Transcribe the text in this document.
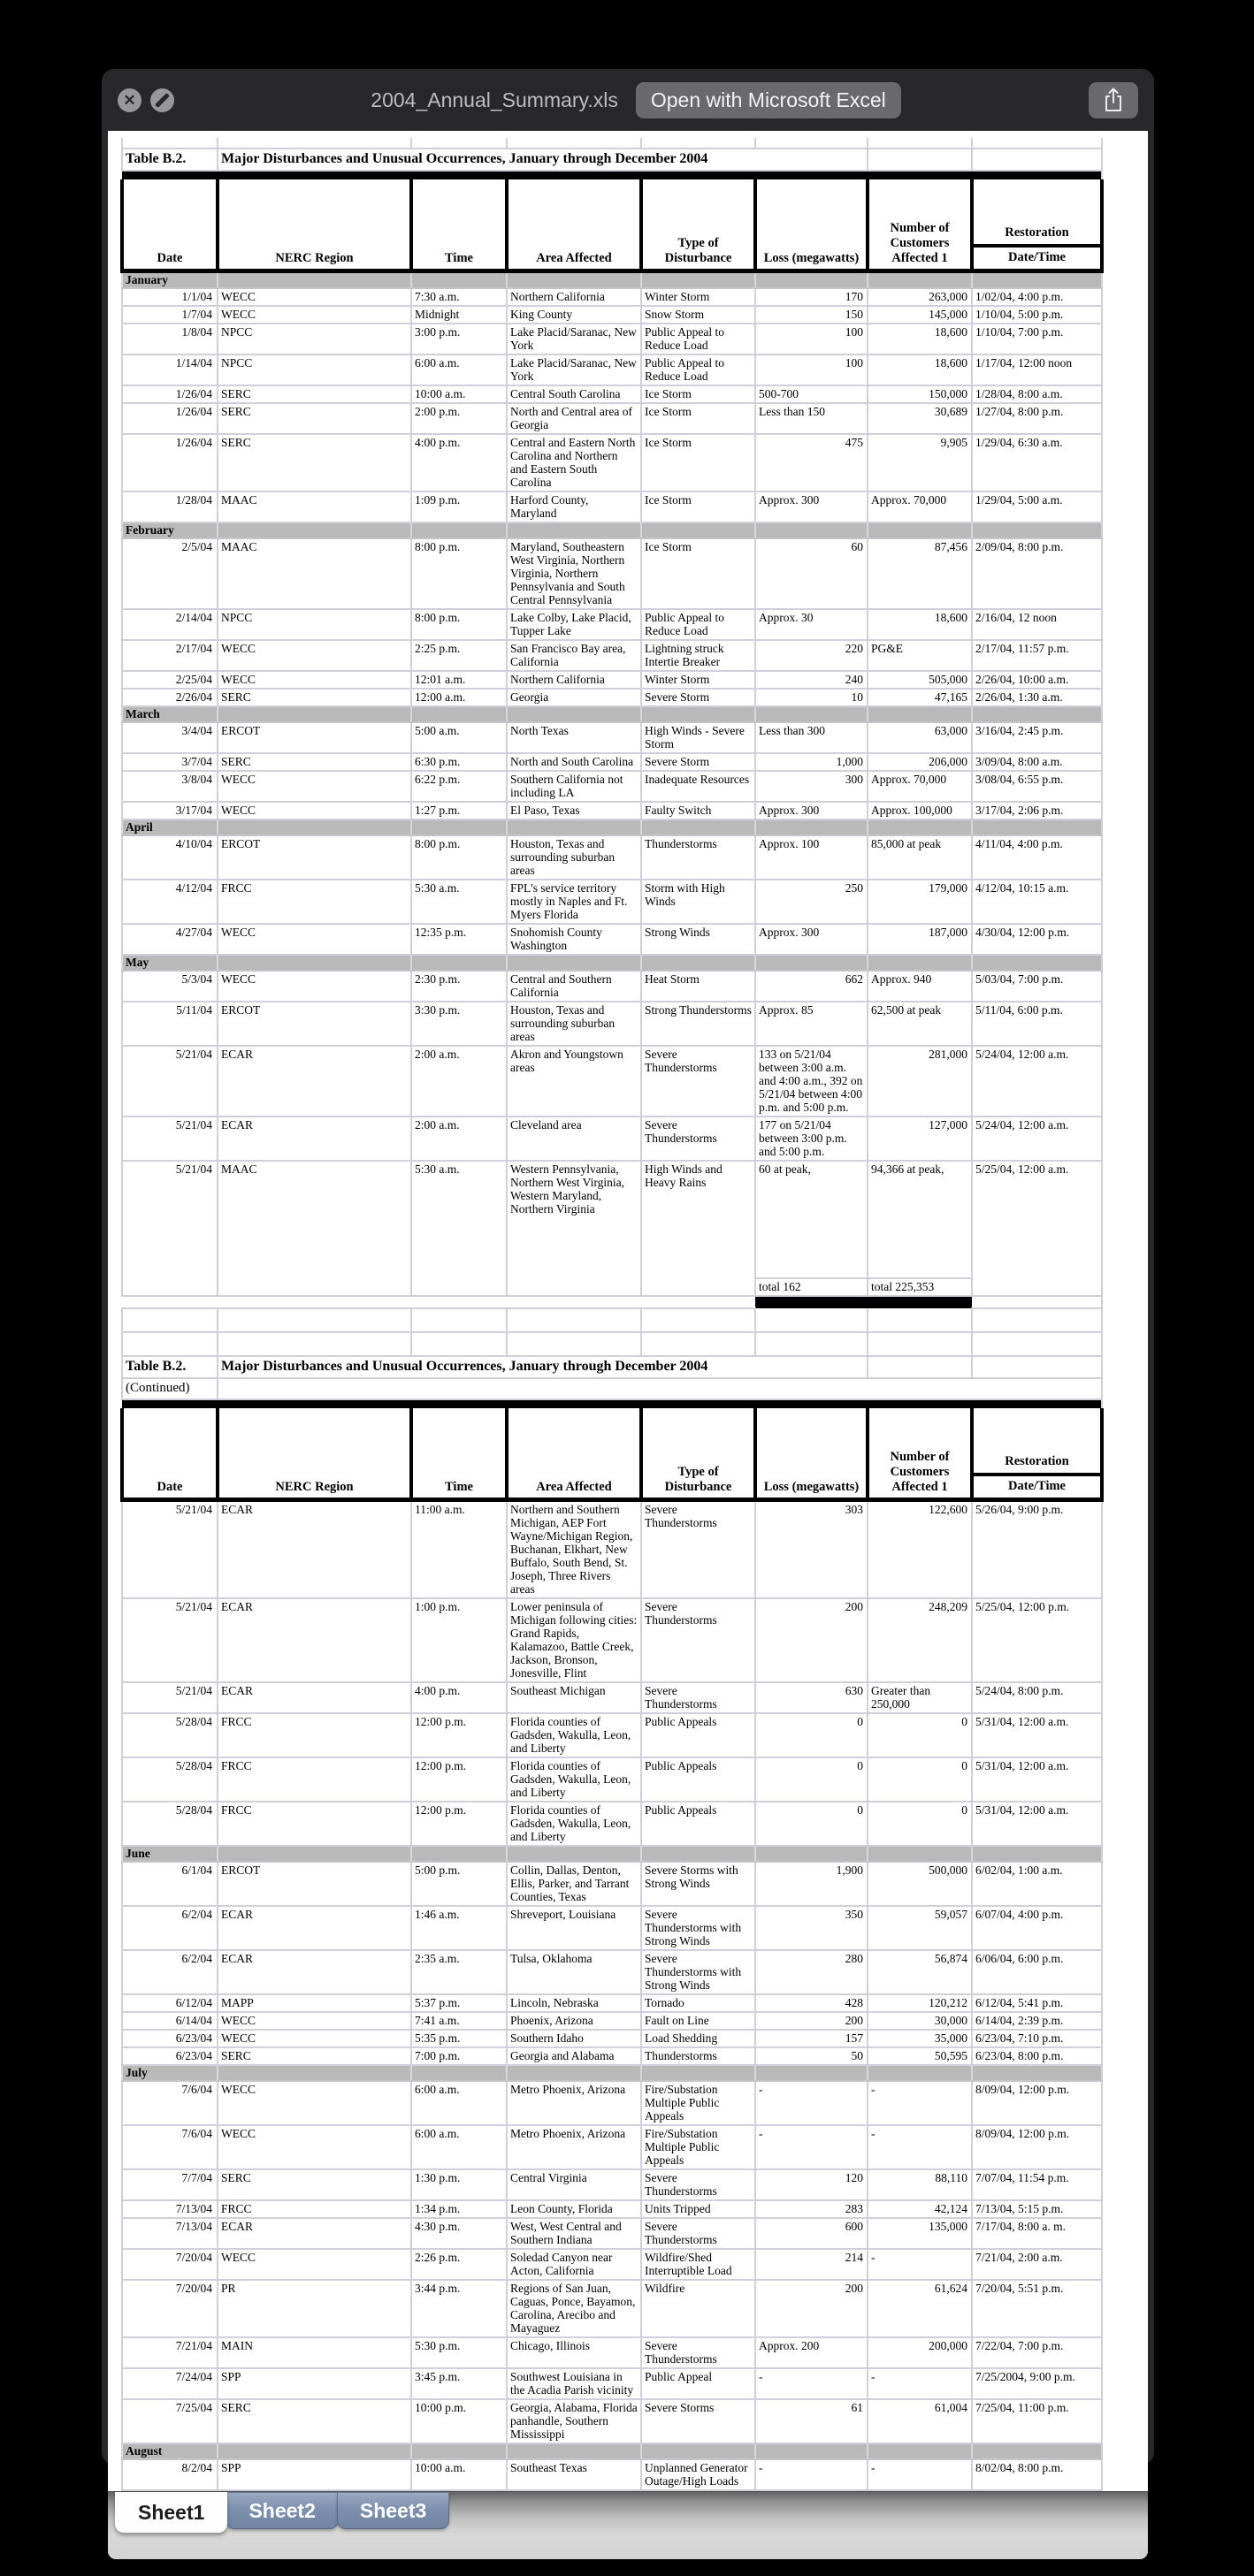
✕	2004_Annual_Summary.xls	Open with Microsoft Excel

Table B.2.	Major Disturbances and Unusual Occurrences, January through December 2004						

Date	NERC Region	Time	Area Affected	Type of Disturbance	Loss (megawatts)	Number of Customers Affected 1	Restoration
Date/Time

January							
1/1/04	WECC	7:30 a.m.	Northern California	Winter Storm	170	263,000	1/02/04, 4:00 p.m.
1/7/04	WECC	Midnight	King County	Snow Storm	150	145,000	1/10/04, 5:00 p.m.
1/8/04	NPCC	3:00 p.m.	Lake Placid/Saranac, New York	Public Appeal to Reduce Load	100	18,600	1/10/04, 7:00 p.m.
1/14/04	NPCC	6:00 a.m.	Lake Placid/Saranac, New York	Public Appeal to Reduce Load	100	18,600	1/17/04, 12:00 noon
1/26/04	SERC	10:00 a.m.	Central South Carolina	Ice Storm	500-700	150,000	1/28/04, 8:00 a.m.
1/26/04	SERC	2:00 p.m.	North and Central area of Georgia	Ice Storm	Less than 150	30,689	1/27/04, 8:00 p.m.
1/26/04	SERC	4:00 p.m.	Central and Eastern North Carolina and Northern and Eastern South Carolina	Ice Storm	475	9,905	1/29/04, 6:30 a.m.
1/28/04	MAAC	1:09 p.m.	Harford County, Maryland	Ice Storm	Approx. 300	Approx. 70,000	1/29/04, 5:00 a.m.
February							
2/5/04	MAAC	8:00 p.m.	Maryland, Southeastern West Virginia, Northern Virginia, Northern Pennsylvania and South Central Pennsylvania	Ice Storm	60	87,456	2/09/04, 8:00 p.m.
2/14/04	NPCC	8:00 p.m.	Lake Colby, Lake Placid, Tupper Lake	Public Appeal to Reduce Load	Approx. 30	18,600	2/16/04, 12 noon
2/17/04	WECC	2:25 p.m.	San Francisco Bay area, California	Lightning struck Intertie Breaker	220	PG&E	2/17/04, 11:57 p.m.
2/25/04	WECC	12:01 a.m.	Northern California	Winter Storm	240	505,000	2/26/04, 10:00 a.m.
2/26/04	SERC	12:00 a.m.	Georgia	Severe Storm	10	47,165	2/26/04, 1:30 a.m.
March							
3/4/04	ERCOT	5:00 a.m.	North Texas	High Winds - Severe Storm	Less than 300	63,000	3/16/04, 2:45 p.m.
3/7/04	SERC	6:30 p.m.	North and South Carolina	Severe Storm	1,000	206,000	3/09/04, 8:00 a.m.
3/8/04	WECC	6:22 p.m.	Southern California not including LA	Inadequate Resources	300	Approx. 70,000	3/08/04, 6:55 p.m.
3/17/04	WECC	1:27 p.m.	El Paso, Texas	Faulty Switch	Approx. 300	Approx. 100,000	3/17/04, 2:06 p.m.
April							
4/10/04	ERCOT	8:00 p.m.	Houston, Texas and surrounding suburban areas	Thunderstorms	Approx. 100	85,000 at peak	4/11/04, 4:00 p.m.
4/12/04	FRCC	5:30 a.m.	FPL's service territory mostly in Naples and Ft. Myers Florida	Storm with High Winds	250	179,000	4/12/04, 10:15 a.m.
4/27/04	WECC	12:35 p.m.	Snohomish County Washington	Strong Winds	Approx. 300	187,000	4/30/04, 12:00 p.m.
May							
5/3/04	WECC	2:30 p.m.	Central and Southern California	Heat Storm	662	Approx. 940	5/03/04, 7:00 p.m.
5/11/04	ERCOT	3:30 p.m.	Houston, Texas and surrounding suburban areas	Strong Thunderstorms	Approx. 85	62,500 at peak	5/11/04, 6:00 p.m.
5/21/04	ECAR	2:00 a.m.	Akron and Youngstown areas	Severe Thunderstorms	133 on 5/21/04 between 3:00 a.m. and 4:00 a.m., 392 on 5/21/04 between 4:00 p.m. and 5:00 p.m.	281,000	5/24/04, 12:00 a.m.
5/21/04	ECAR	2:00 a.m.	Cleveland area	Severe Thunderstorms	177 on 5/21/04 between 3:00 p.m. and 5:00 p.m.	127,000	5/24/04, 12:00 a.m.
5/21/04	MAAC	5:30 a.m.	Western Pennsylvania, Northern West Virginia, Western Maryland, Northern Virginia	High Winds and Heavy Rains	60 at peak,	94,366 at peak,	5/25/04, 12:00 a.m.
					total 162	total 225,353	

Table B.2.	Major Disturbances and Unusual Occurrences, January through December 2004						
(Continued)							

Date	NERC Region	Time	Area Affected	Type of Disturbance	Loss (megawatts)	Number of Customers Affected 1	Restoration
Date/Time

5/21/04	ECAR	11:00 a.m.	Northern and Southern Michigan, AEP Fort Wayne/Michigan Region, Buchanan, Elkhart, New Buffalo, South Bend, St. Joseph, Three Rivers areas	Severe Thunderstorms	303	122,600	5/26/04, 9:00 p.m.
5/21/04	ECAR	1:00 p.m.	Lower peninsula of Michigan following cities: Grand Rapids, Kalamazoo, Battle Creek, Jackson, Bronson, Jonesville, Flint	Severe Thunderstorms	200	248,209	5/25/04, 12:00 p.m.
5/21/04	ECAR	4:00 p.m.	Southeast Michigan	Severe Thunderstorms	630	Greater than 250,000	5/24/04, 8:00 p.m.
5/28/04	FRCC	12:00 p.m.	Florida counties of Gadsden, Wakulla, Leon, and Liberty	Public Appeals	0	0	5/31/04, 12:00 a.m.
5/28/04	FRCC	12:00 p.m.	Florida counties of Gadsden, Wakulla, Leon, and Liberty	Public Appeals	0	0	5/31/04, 12:00 a.m.
5/28/04	FRCC	12:00 p.m.	Florida counties of Gadsden, Wakulla, Leon, and Liberty	Public Appeals	0	0	5/31/04, 12:00 a.m.
June							
6/1/04	ERCOT	5:00 p.m.	Collin, Dallas, Denton, Ellis, Parker, and Tarrant Counties, Texas	Severe Storms with Strong Winds	1,900	500,000	6/02/04, 1:00 a.m.
6/2/04	ECAR	1:46 a.m.	Shreveport, Louisiana	Severe Thunderstorms with Strong Winds	350	59,057	6/07/04, 4:00 p.m.
6/2/04	ECAR	2:35 a.m.	Tulsa, Oklahoma	Severe Thunderstorms with Strong Winds	280	56,874	6/06/04, 6:00 p.m.
6/12/04	MAPP	5:37 p.m.	Lincoln, Nebraska	Tornado	428	120,212	6/12/04, 5:41 p.m.
6/14/04	WECC	7:41 a.m.	Phoenix, Arizona	Fault on Line	200	30,000	6/14/04, 2:39 p.m.
6/23/04	WECC	5:35 p.m.	Southern Idaho	Load Shedding	157	35,000	6/23/04, 7:10 p.m.
6/23/04	SERC	7:00 p.m.	Georgia and Alabama	Thunderstorms	50	50,595	6/23/04, 8:00 p.m.
July							
7/6/04	WECC	6:00 a.m.	Metro Phoenix, Arizona	Fire/Substation Multiple Public Appeals	-	-	8/09/04, 12:00 p.m.
7/6/04	WECC	6:00 a.m.	Metro Phoenix, Arizona	Fire/Substation Multiple Public Appeals	-	-	8/09/04, 12:00 p.m.
7/7/04	SERC	1:30 p.m.	Central Virginia	Severe Thunderstorms	120	88,110	7/07/04, 11:54 p.m.
7/13/04	FRCC	1:34 p.m.	Leon County, Florida	Units Tripped	283	42,124	7/13/04, 5:15 p.m.
7/13/04	ECAR	4:30 p.m.	West, West Central and Southern Indiana	Severe Thunderstorms	600	135,000	7/17/04, 8:00 a. m.
7/20/04	WECC	2:26 p.m.	Soledad Canyon near Acton, California	Wildfire/Shed Interruptible Load	214	-	7/21/04, 2:00 a.m.
7/20/04	PR	3:44 p.m.	Regions of San Juan, Caguas, Ponce, Bayamon, Carolina, Arecibo and Mayaguez	Wildfire	200	61,624	7/20/04, 5:51 p.m.
7/21/04	MAIN	5:30 p.m.	Chicago, Illinois	Severe Thunderstorms	Approx. 200	200,000	7/22/04, 7:00 p.m.
7/24/04	SPP	3:45 p.m.	Southwest Louisiana in the Acadia Parish vicinity	Public Appeal	-	-	7/25/2004, 9:00 p.m.
7/25/04	SERC	10:00 p.m.	Georgia, Alabama, Florida panhandle, Southern Mississippi	Severe Storms	61	61,004	7/25/04, 11:00 p.m.
August							
8/2/04	SPP	10:00 a.m.	Southeast Texas	Unplanned Generator Outage/High Loads	-	-	8/02/04, 8:00 p.m.
Sheet1	Sheet2	Sheet3
